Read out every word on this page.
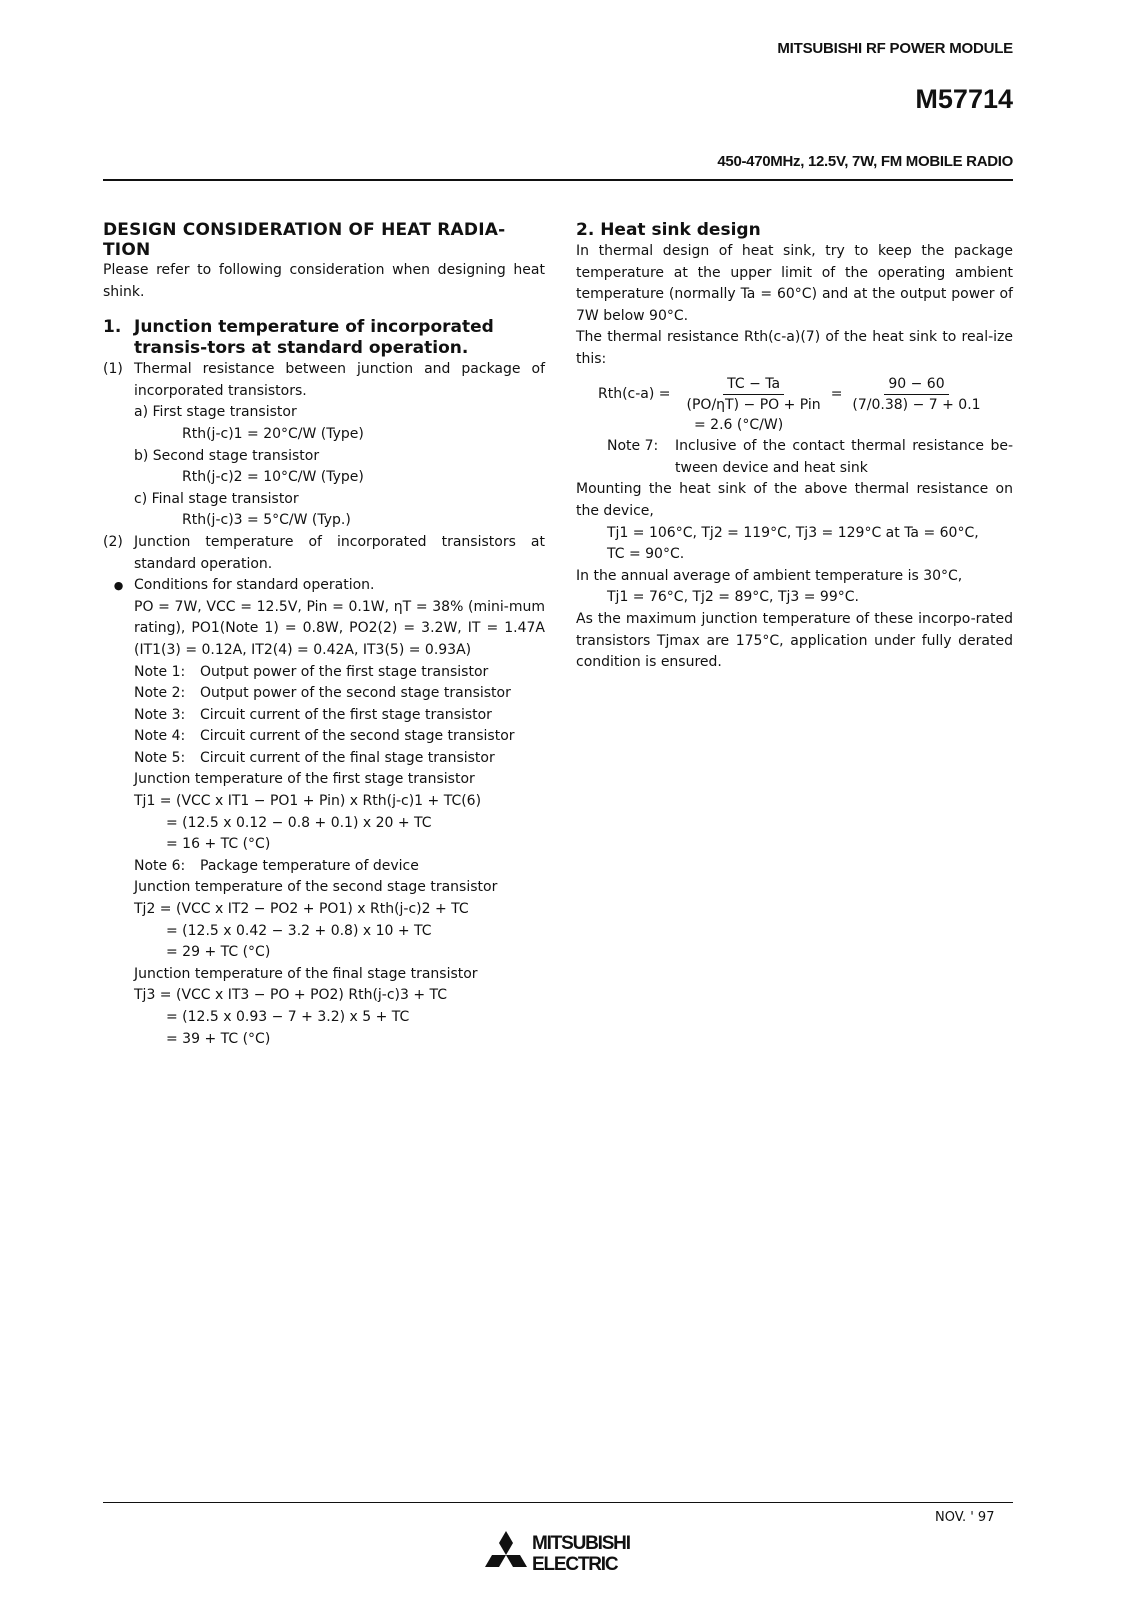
MITSUBISHI RF POWER MODULE
M57714
450-470MHz, 12.5V, 7W, FM MOBILE RADIO

DESIGN CONSIDERATION OF HEAT RADIA-

TION

Please refer to following consideration when designing heat shink.

1. Junction temperature of incorporated transis-tors at standard operation.
(1) Thermal resistance between junction and package of incorporated transistors.

a) First stage transistor

Rth(j-c)1 = 20°C/W (Type)

b) Second stage transistor

Rth(j-c)2 = 10°C/W (Type)

c) Final stage transistor

Rth(j-c)3 = 5°C/W (Typ.)

(2) Junction temperature of incorporated transistors at standard operation.
● Conditions for standard operation.

PO = 7W, VCC = 12.5V, Pin = 0.1W, ηT = 38% (mini-mum rating), PO1(Note 1) = 0.8W, PO2(2) = 3.2W, IT = 1.47A (IT1(3) = 0.12A, IT2(4) = 0.42A, IT3(5) = 0.93A)

Note 1:	Output power of the first stage transistor
Note 2:	Output power of the second stage transistor
Note 3:	Circuit current of the first stage transistor
Note 4:	Circuit current of the second stage transistor
Note 5:	Circuit current of the final stage transistor

Junction temperature of the first stage transistor

Tj1 = (VCC x IT1 − PO1 + Pin) x Rth(j-c)1 + TC(6)

= (12.5 x 0.12 − 0.8 + 0.1) x 20 + TC

= 16 + TC (°C)

Note 6:	Package temperature of device

Junction temperature of the second stage transistor

Tj2 = (VCC x IT2 − PO2 + PO1) x Rth(j-c)2 + TC

= (12.5 x 0.42 − 3.2 + 0.8) x 10 + TC

= 29 + TC (°C)

Junction temperature of the final stage transistor

Tj3 = (VCC x IT3 − PO + PO2) Rth(j-c)3 + TC

= (12.5 x 0.93 − 7 + 3.2) x 5 + TC

= 39 + TC (°C)

2. Heat sink design

In thermal design of heat sink, try to keep the package temperature at the upper limit of the operating ambient temperature (normally Ta = 60°C) and at the output power of 7W below 90°C.

The thermal resistance Rth(c-a)(7) of the heat sink to real-ize this:

$Rth(c-a) = \frac{TC - Ta}{\text{(PO/ηT) − PO + Pin}} = \frac{90 - 60}{(7/0.38) - 7 + 0.1}$

= 2.6 (°C/W)

Note 7:	Inclusive of the contact thermal resistance be-tween device and heat sink

Mounting the heat sink of the above thermal resistance on the device,

Tj1 = 106°C, Tj2 = 119°C, Tj3 = 129°C at Ta = 60°C,

TC = 90°C.

In the annual average of ambient temperature is 30°C,

Tj1 = 76°C, Tj2 = 89°C, Tj3 = 99°C.

As the maximum junction temperature of these incorpo-rated transistors Tjmax are 175°C, application under fully derated condition is ensured.

NOV. ' 97
MITSUBISHI
ELECTRIC
